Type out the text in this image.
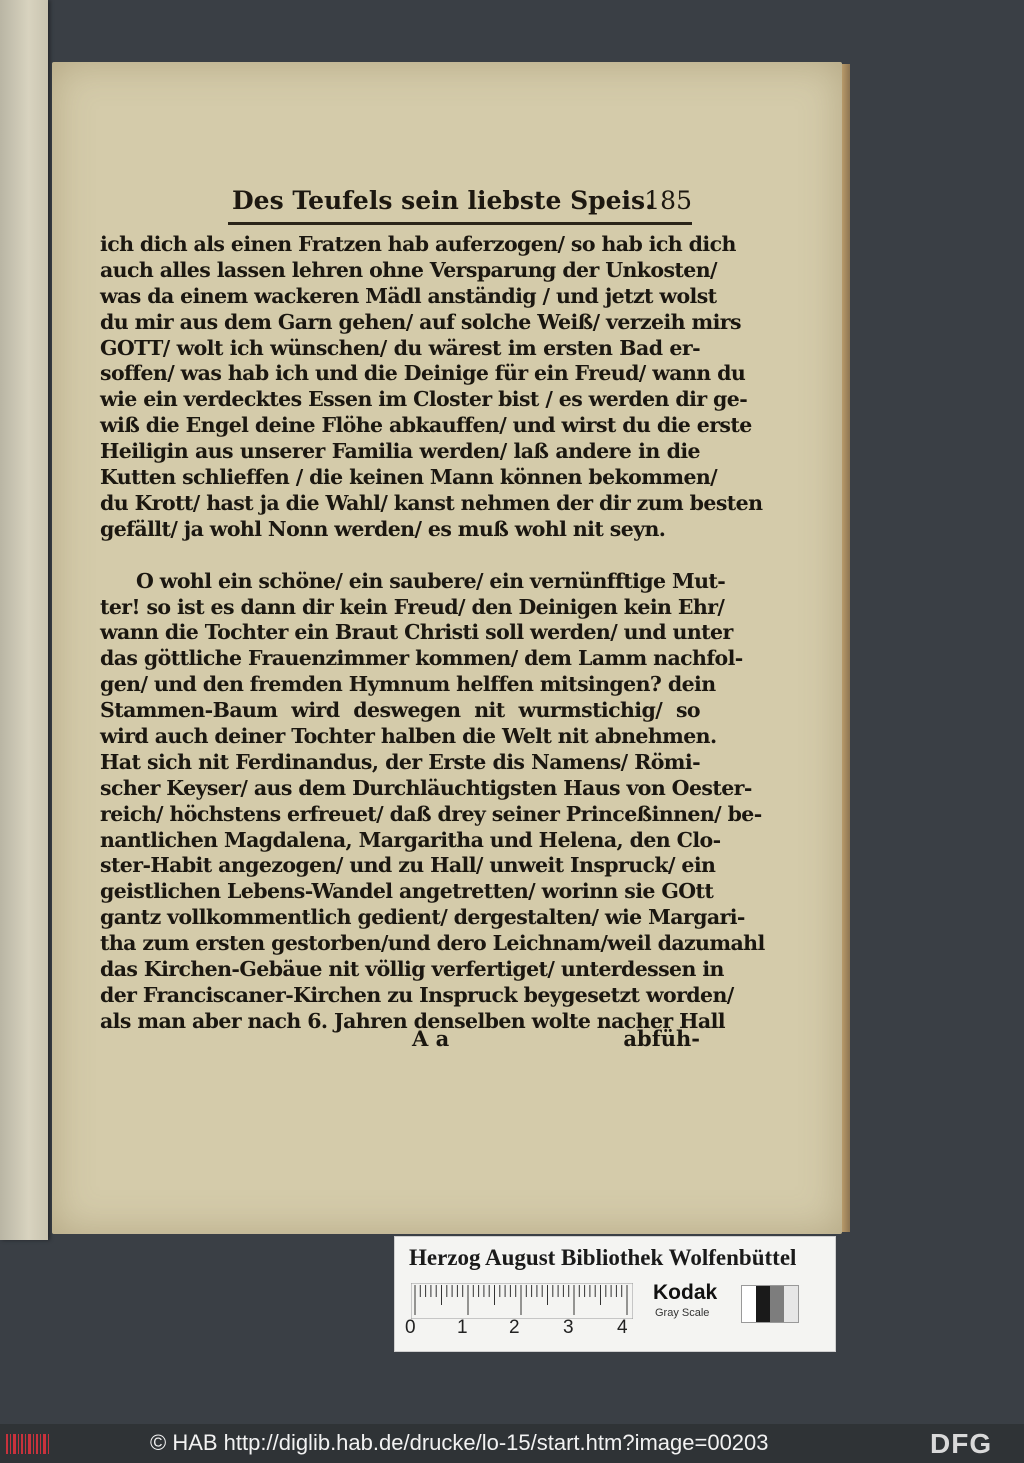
Des Teufels sein liebste Speis.
185
ich dich als einen Fratzen hab auferzogen/ so hab ich dich
auch alles lassen lehren ohne Versparung der Unkosten/
was da einem wackeren Mädl anständig / und jetzt wolst
du mir aus dem Garn gehen/ auf solche Weiß/ verzeih mirs
GOTT/ wolt ich wünschen/ du wärest im ersten Bad er-
soffen/ was hab ich und die Deinige für ein Freud/ wann du
wie ein verdecktes Essen im Closter bist / es werden dir ge-
wiß die Engel deine Flöhe abkauffen/ und wirst du die erste
Heiligin aus unserer Familia werden/ laß andere in die
Kutten schlieffen / die keinen Mann können bekommen/
du Krott/ hast ja die Wahl/ kanst nehmen der dir zum besten
gefällt/ ja wohl Nonn werden/ es muß wohl nit seyn.
O wohl ein schöne/ ein saubere/ ein vernünfftige Mut-
ter! so ist es dann dir kein Freud/ den Deinigen kein Ehr/
wann die Tochter ein Braut Christi soll werden/ und unter
das göttliche Frauenzimmer kommen/ dem Lamm nachfol-
gen/ und den fremden Hymnum helffen mitsingen? dein
Stammen-Baum wird deswegen nit wurmstichig/ so
wird auch deiner Tochter halben die Welt nit abnehmen.
Hat sich nit Ferdinandus, der Erste dis Namens/ Römi-
scher Keyser/ aus dem Durchläuchtigsten Haus von Oester-
reich/ höchstens erfreuet/ daß drey seiner Princeßinnen/ be-
nantlichen Magdalena, Margaritha und Helena, den Clo-
ster-Habit angezogen/ und zu Hall/ unweit Inspruck/ ein
geistlichen Lebens-Wandel angetretten/ worinn sie GOtt
gantz vollkommentlich gedient/ dergestalten/ wie Margari-
tha zum ersten gestorben/und dero Leichnam/weil dazumahl
das Kirchen-Gebäue nit völlig verfertiget/ unterdessen in
der Franciscaner-Kirchen zu Inspruck beygesetzt worden/
als man aber nach 6. Jahren denselben wolte nacher Hall
A a	abfüh-
Herzog August Bibliothek Wolfenbüttel
0 1 2 3 4
Kodak
Gray Scale
© HAB http://diglib.hab.de/drucke/lo-15/start.htm?image=00203	DFG
